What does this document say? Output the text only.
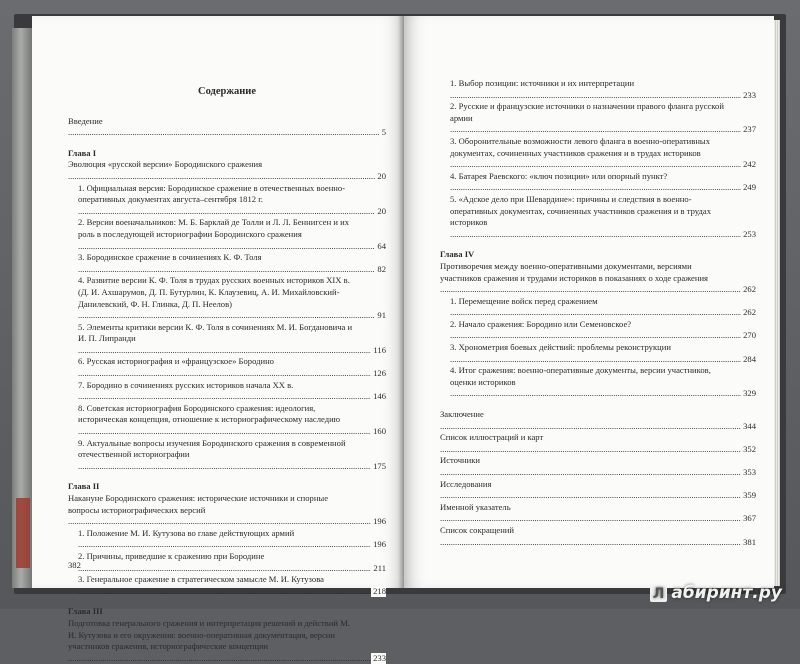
Содержание
Введение .....
5
Глава I
Эволюция «русской версии» Бородинского сражения .....
20
1. Официальная версия: Бородинское сражение в отечественных военно-оперативных документах августа–сентября 1812 г. .....
20
2. Версии военачальников: М. Б. Барклай де Толли и Л. Л. Беннигсен и их роль в последующей историографии Бородинского сражения .....
64
3. Бородинское сражение в сочинениях К. Ф. Толя .....
82
4. Развитие версии К. Ф. Толя в трудах русских военных историков XIX в. (Д. И. Ахшарумов, Д. П. Бутурлин, К. Клаузевиц, А. И. Михайловский-Данилевский, Ф. Н. Глинка, Д. П. Неелов) .....
91
5. Элементы критики версии К. Ф. Толя в сочинениях М. И. Богдановича и И. П. Липранди .....
116
6. Русская историография и «французское» Бородино .....
126
7. Бородино в сочинениях русских историков начала XX в. .....
146
8. Советская историография Бородинского сражения: идеология, историческая концепция, отношение к историографическому наследию .....
160
9. Актуальные вопросы изучения Бородинского сражения в современной отечественной историографии .....
175
Глава II
Накануне Бородинского сражения: исторические источники и спорные вопросы историографических версий .....
196
1. Положение М. И. Кутузова во главе действующих армий .....
196
2. Причины, приведшие к сражению при Бородине .....
211
3. Генеральное сражение в стратегическом замысле М. И. Кутузова .....
218
Глава III
Подготовка генерального сражения и интерпретация решений и действий М. И. Кутузова и его окружения: военно-оперативная документация, версии участников сражения, историографические концепции .....
233
382
1. Выбор позиции: источники и их интерпретации .....
233
2. Русские и французские источники о назначении правого фланга русской армии .....
237
3. Оборонительные возможности левого фланга в военно-оперативных документах, сочиненных участников сражения и в трудах историков .....
242
4. Батарея Раевского: «ключ позиции» или опорный пункт? .....
249
5. «Адское дело при Шевардине»: причины и следствия в военно-оперативных документах, сочиненных участников сражения и в трудах историков .....
253
Глава IV
Противоречия между военно-оперативными документами, версиями участников сражения и трудами историков в показаниях о ходе сражения .....
262
1. Перемещение войск перед сражением .....
262
2. Начало сражения: Бородино или Семеновское? .....
270
3. Хронометрия боевых действий: проблемы реконструкции .....
284
4. Итог сражения: военно-оперативные документы, версии участников, оценки историков .....
329
Заключение .....
344
Список иллюстраций и карт .....
352
Источники .....
353
Исследования .....
359
Именной указатель .....
367
Список сокращений .....
381
Л абиринт.ру
